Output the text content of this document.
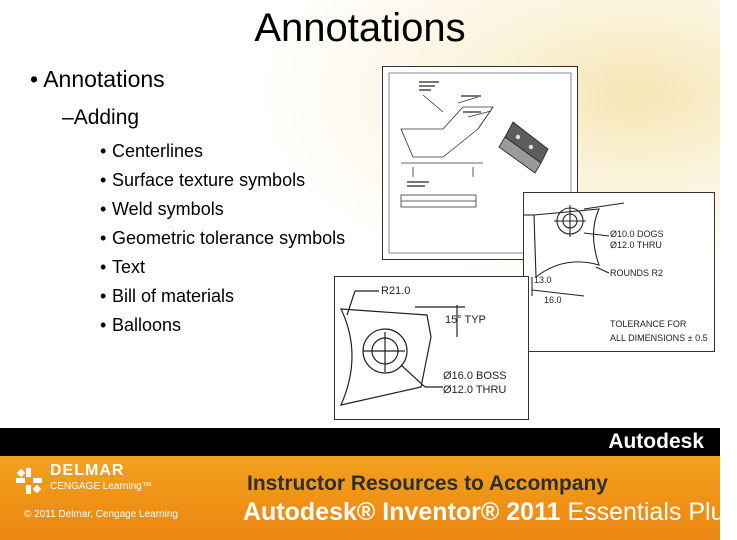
Annotations
• Annotations
–Adding
• Centerlines
• Surface texture symbols
• Weld symbols
• Geometric tolerance symbols
• Text
• Bill of materials
• Balloons
13.0
16.0
Ø10.0 DOGS
Ø12.0 THRU
ROUNDS R2
TOLERANCE FOR
ALL DIMENSIONS ± 0.5
R21.0
15° TYP
Ø16.0 BOSS
Ø12.0 THRU
Autodesk
DELMAR
CENGAGE Learning™
© 2011 Delmar, Cengage Learning
Instructor Resources to Accompany
Autodesk® Inventor® 2011 Essentials Plus
